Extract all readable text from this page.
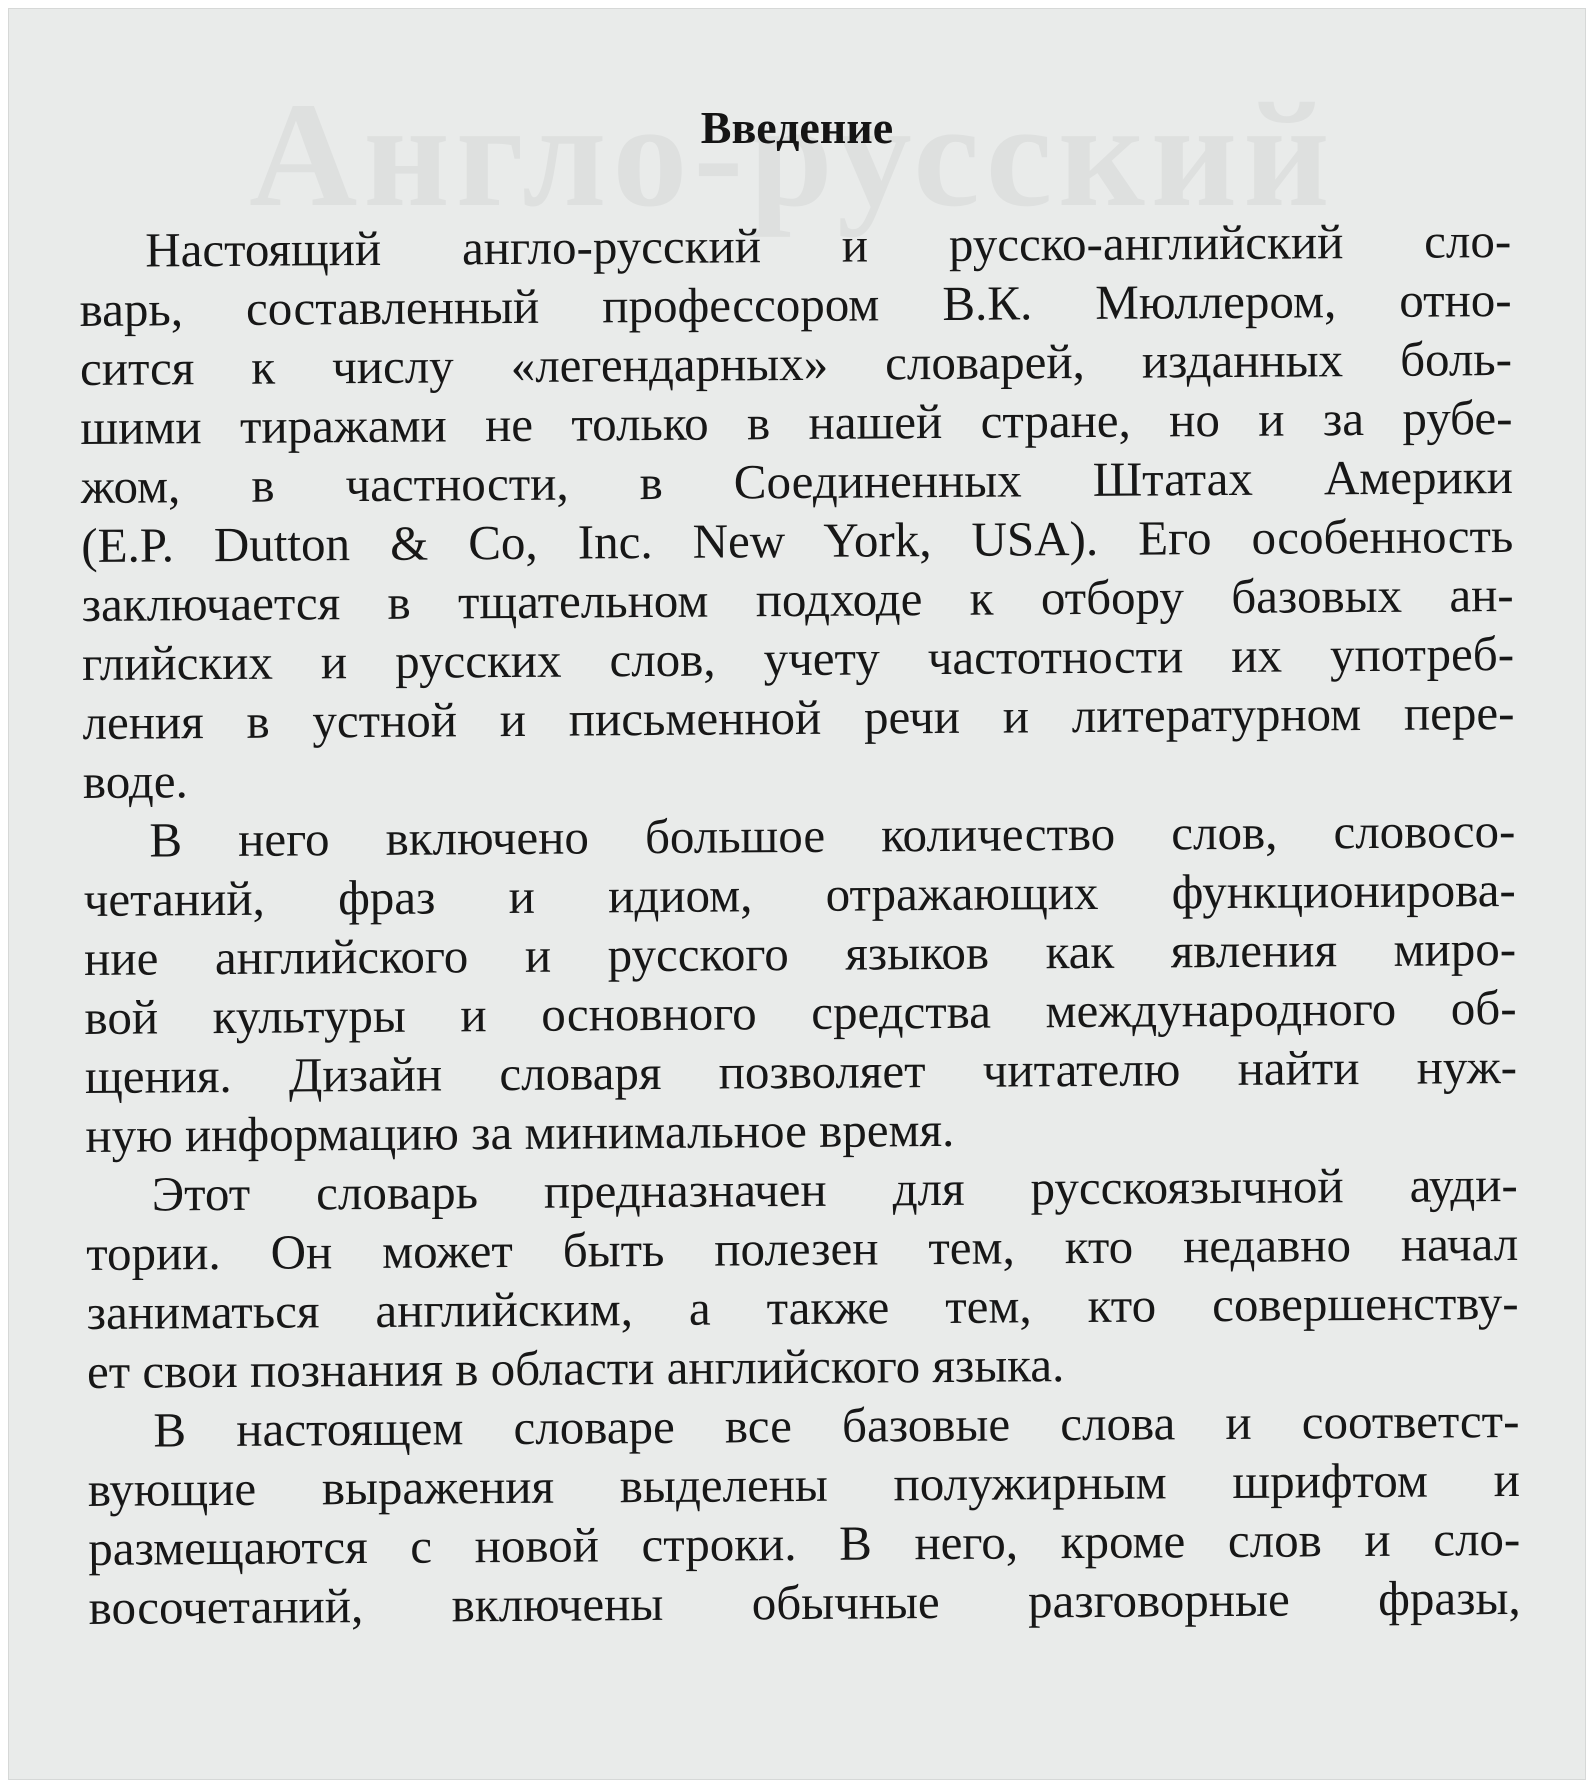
Введение

Настоящий англо-русский и русско-английский сло-
варь, составленный профессором В.К. Мюллером, отно-
сится к числу «легендарных» словарей, изданных боль-
шими тиражами не только в нашей стране, но и за рубе-
жом, в частности, в Соединенных Штатах Америки
(E.P. Dutton & Co, Inc. New York, USA). Его особенность
заключается в тщательном подходе к отбору базовых ан-
глийских и русских слов, учету частотности их употреб-
ления в устной и письменной речи и литературном пере-
воде.

В него включено большое количество слов, словосо-
четаний, фраз и идиом, отражающих функционирова-
ние английского и русского языков как явления миро-
вой культуры и основного средства международного об-
щения. Дизайн словаря позволяет читателю найти нуж-
ную информацию за минимальное время.

Этот словарь предназначен для русскоязычной ауди-
тории. Он может быть полезен тем, кто недавно начал
заниматься английским, а также тем, кто совершенству-
ет свои познания в области английского языка.

В настоящем словаре все базовые слова и соответст-
вующие выражения выделены полужирным шрифтом и
размещаются с новой строки. В него, кроме слов и сло-
восочетаний, включены обычные разговорные фразы,
